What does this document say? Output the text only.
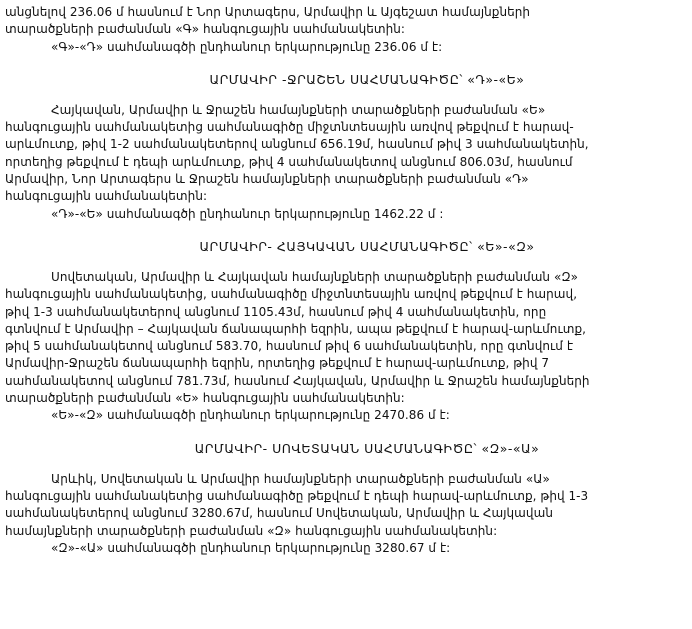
անցնելով 236.06 մ հասնում է Նոր Արտագերս, Արմավիր և Այգեշատ համայնքների
տարածքների բաժանման «Գ» հանգուցային սահմանակետին:
«Գ»-«Դ» սահմանագծի ընդհանուր երկարությունը 236.06 մ է:
ԱՐՄԱՎԻՐ -ՋՐԱՇԵՆ ՍԱՀՄԱՆԱԳԻԾԸ՝ «Դ»-«Ե»
Հայկավան, Արմավիր և Ջրաշեն համայնքների տարածքների բաժանման «Ե»
հանգուցային սահմանակետից սահմանագիծը միջտնտեսային առվով թեքվում է հարավ-
արևմուտք, թիվ 1-2 սահմանակետերով անցնում 656.19մ, հասնում թիվ 3 սահմանակետին,
որտեղից թեքվում է դեպի արևմուտք, թիվ 4 սահմանակետով անցնում 806.03մ, հասնում
Արմավիր, Նոր Արտագերս և Ջրաշեն համայնքների տարածքների բաժանման «Դ»
հանգուցային սահմանակետին:
«Դ»-«Ե» սահմանագծի ընդհանուր երկարությունը 1462.22 մ :
ԱՐՄԱՎԻՐ- ՀԱՅԿԱՎԱՆ ՍԱՀՄԱՆԱԳԻԾԸ՝ «Ե»-«Զ»
Սովետական, Արմավիր և Հայկավան համայնքների տարածքների բաժանման «Զ»
հանգուցային սահմանակետից, սահմանագիծը միջտնտեսային առվով թեքվում է հարավ,
թիվ 1-3 սահմանակետերով անցնում 1105.43մ, հասնում թիվ 4 սահմանակետին, որը
գտնվում է Արմավիր – Հայկավան ճանապարհի եզրին, ապա թեքվում է հարավ-արևմուտք,
թիվ 5 սահմանակետով անցնում 583.70, հասնում թիվ 6 սահմանակետին, որը գտնվում է
Արմավիր-Ջրաշեն ճանապարհի եզրին, որտեղից թեքվում է հարավ-արևմուտք, թիվ 7
սահմանակետով անցնում 781.73մ, հասնում Հայկավան, Արմավիր և Ջրաշեն համայնքների
տարածքների բաժանման «Ե» հանգուցային սահմանակետին:
«Ե»-«Զ» սահմանագծի ընդհանուր երկարությունը 2470.86 մ է:
ԱՐՄԱՎԻՐ- ՍՈՎԵՏԱԿԱՆ ՍԱՀՄԱՆԱԳԻԾԸ՝ «Զ»-«Ա»
Արևիկ, Սովետական և Արմավիր համայնքների տարածքների բաժանման «Ա»
հանգուցային սահմանակետից սահմանագիծը թեքվում է դեպի հարավ-արևմուտք, թիվ 1-3
սահմանակետերով անցնում 3280.67մ, հասնում Սովետական, Արմավիր և Հայկավան
համայնքների տարածքների բաժանման «Զ» հանգուցային սահմանակետին:
«Զ»-«Ա» սահմանագծի ընդհանուր երկարությունը 3280.67 մ է:
